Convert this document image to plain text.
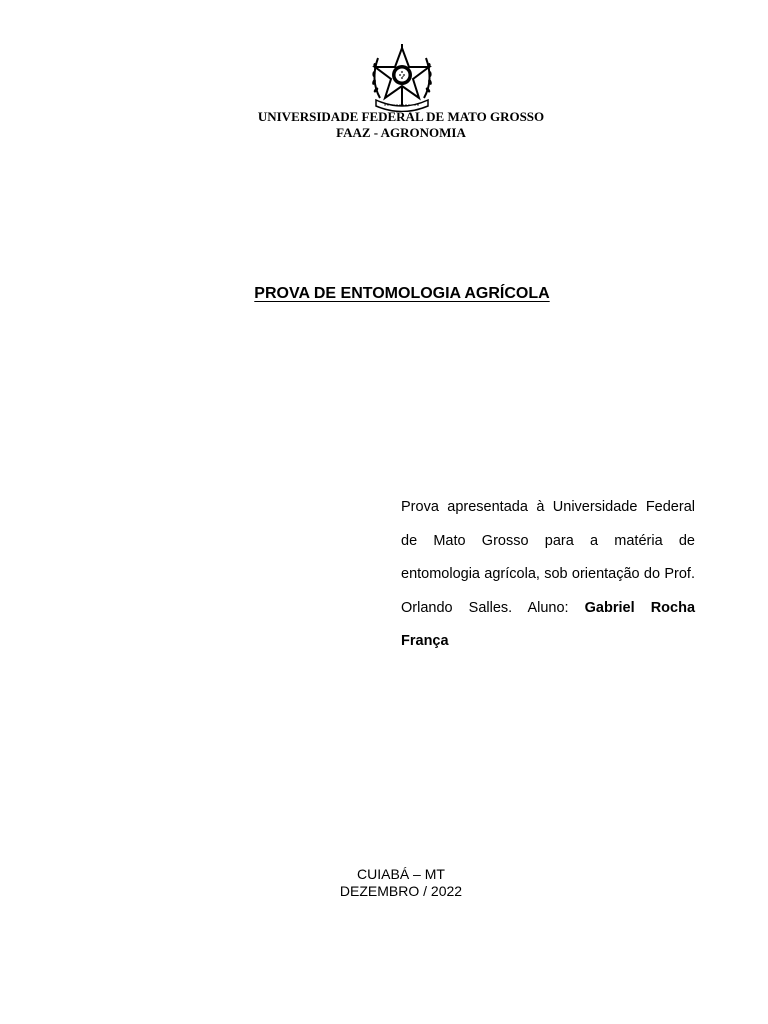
UNIVERSIDADE FEDERAL DE MATO GROSSO
FAAZ - AGRONOMIA
PROVA DE ENTOMOLOGIA AGRÍCOLA
Prova apresentada à Universidade Federal de Mato Grosso para a matéria de entomologia agrícola, sob orientação do Prof. Orlando Salles. Aluno: Gabriel Rocha França
CUIABÁ – MT
DEZEMBRO / 2022
